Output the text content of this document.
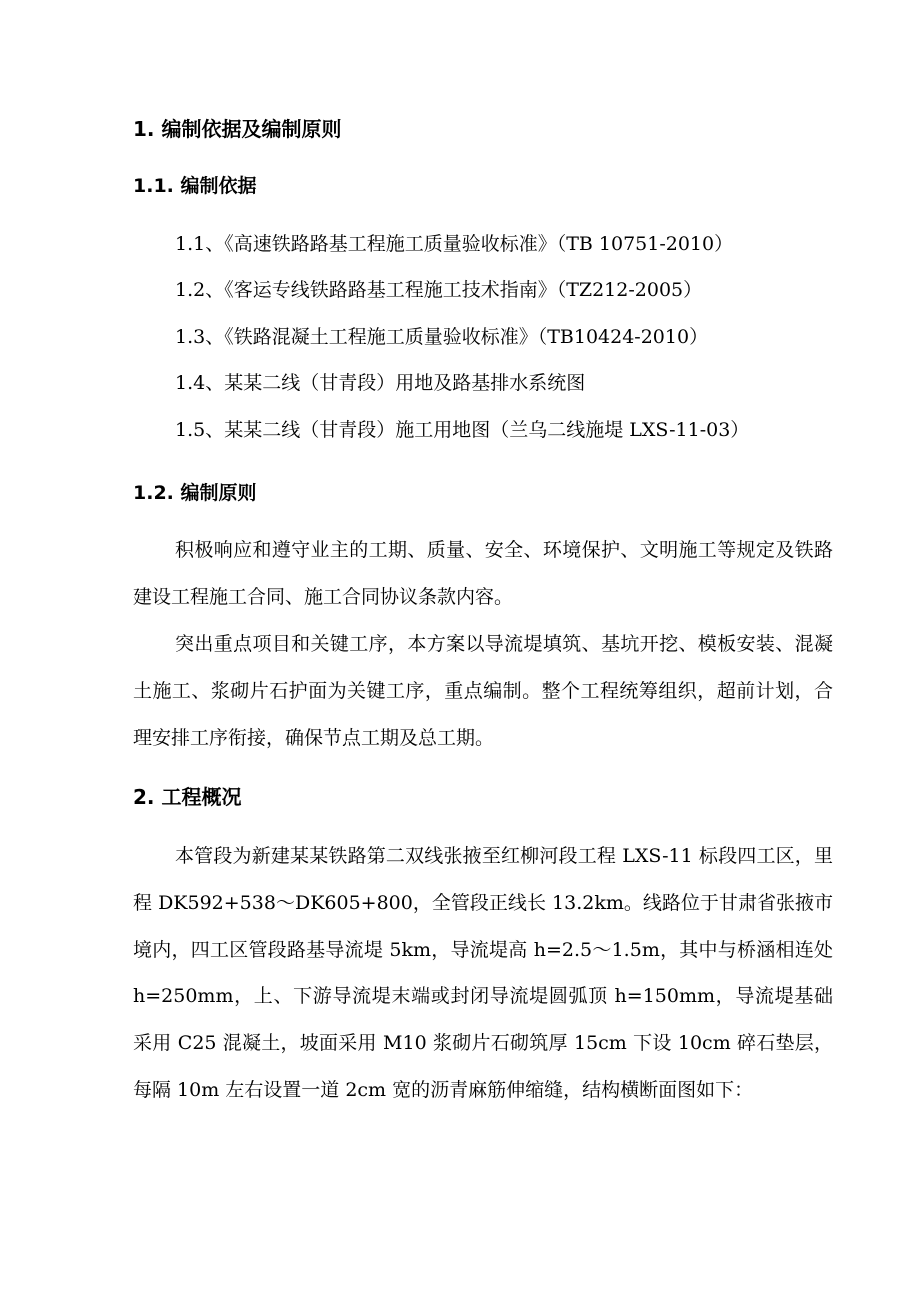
1. 编制依据及编制原则
1.1. 编制依据
1.1、《高速铁路路基工程施工质量验收标准》（TB 10751-2010）
1.2、《客运专线铁路路基工程施工技术指南》（TZ212-2005）
1.3、《铁路混凝土工程施工质量验收标准》（TB10424-2010）
1.4、某某二线（甘青段）用地及路基排水系统图
1.5、某某二线（甘青段）施工用地图（兰乌二线施堤 LXS-11-03）
1.2. 编制原则

积极响应和遵守业主的工期、质量、安全、环境保护、文明施工等规定及铁路建设工程施工合同、施工合同协议条款内容。

突出重点项目和关键工序，本方案以导流堤填筑、基坑开挖、模板安装、混凝土施工、浆砌片石护面为关键工序，重点编制。整个工程统筹组织，超前计划，合理安排工序衔接，确保节点工期及总工期。

2. 工程概况

本管段为新建某某铁路第二双线张掖至红柳河段工程 LXS-11 标段四工区，里程 DK592+538～DK605+800，全管段正线长 13.2km。线路位于甘肃省张掖市境内，四工区管段路基导流堤 5km，导流堤高 h=2.5～1.5m，其中与桥涵相连处 h=250mm，上、下游导流堤末端或封闭导流堤圆弧顶 h=150mm，导流堤基础采用 C25 混凝土，坡面采用 M10 浆砌片石砌筑厚 15cm 下设 10cm 碎石垫层，每隔 10m 左右设置一道 2cm 宽的沥青麻筋伸缩缝，结构横断面图如下：
